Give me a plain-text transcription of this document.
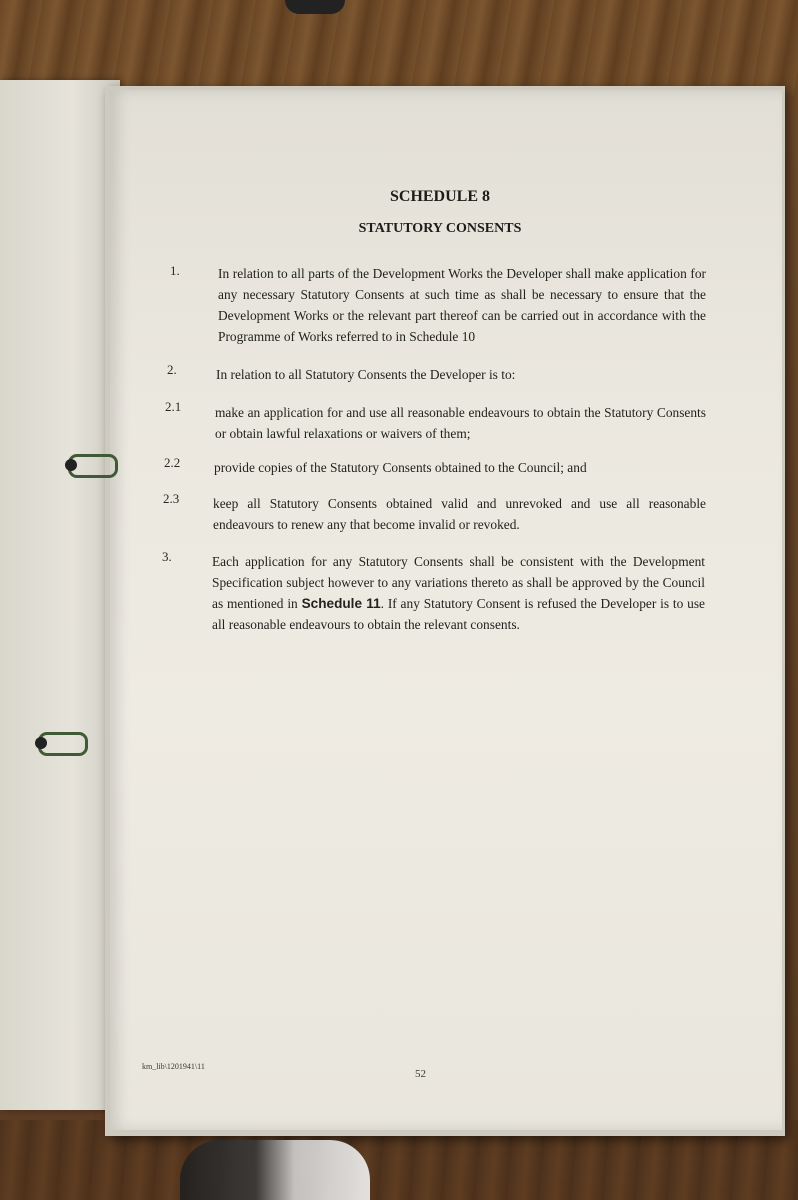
SCHEDULE 8
STATUTORY CONSENTS
1.	In relation to all parts of the Development Works the Developer shall make application for any necessary Statutory Consents at such time as shall be necessary to ensure that the Development Works or the relevant part thereof can be carried out in accordance with the Programme of Works referred to in Schedule 10
2.	In relation to all Statutory Consents the Developer is to:
2.1	make an application for and use all reasonable endeavours to obtain the Statutory Consents or obtain lawful relaxations or waivers of them;
2.2	provide copies of the Statutory Consents obtained to the Council; and
2.3	keep all Statutory Consents obtained valid and unrevoked and use all reasonable endeavours to renew any that become invalid or revoked.
3.	Each application for any Statutory Consents shall be consistent with the Development Specification subject however to any variations thereto as shall be approved by the Council as mentioned in Schedule 11. If any Statutory Consent is refused the Developer is to use all reasonable endeavours to obtain the relevant consents.
km_lib\1201941\11
52
